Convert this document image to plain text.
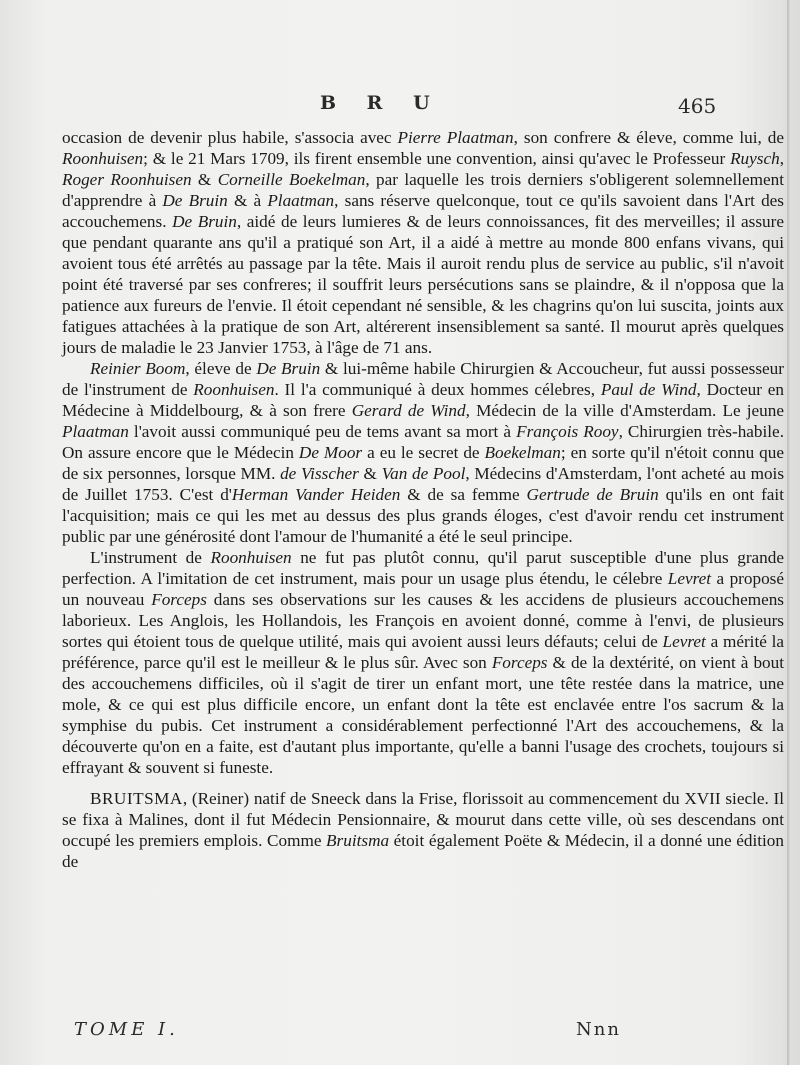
B R U	465

occasion de devenir plus habile, s'associa avec Pierre Plaatman, son confrere & éleve, comme lui, de Roonhuisen; & le 21 Mars 1709, ils firent ensemble une convention, ainsi qu'avec le Professeur Ruysch, Roger Roonhuisen & Corneille Boekelman, par laquelle les trois derniers s'obligerent solemnellement d'apprendre à De Bruin & à Plaatman, sans réserve quelconque, tout ce qu'ils savoient dans l'Art des accouchemens. De Bruin, aidé de leurs lumieres & de leurs connoissances, fit des merveilles; il assure que pendant quarante ans qu'il a pratiqué son Art, il a aidé à mettre au monde 800 enfans vivans, qui avoient tous été arrêtés au passage par la tête. Mais il auroit rendu plus de service au public, s'il n'avoit point été traversé par ses confreres; il souffrit leurs persécutions sans se plaindre, & il n'opposa que la patience aux fureurs de l'envie. Il étoit cependant né sensible, & les chagrins qu'on lui suscita, joints aux fatigues attachées à la pratique de son Art, altérerent insensiblement sa santé. Il mourut après quelques jours de maladie le 23 Janvier 1753, à l'âge de 71 ans.

Reinier Boom, éleve de De Bruin & lui-même habile Chirurgien & Accoucheur, fut aussi possesseur de l'instrument de Roonhuisen. Il l'a communiqué à deux hommes célebres, Paul de Wind, Docteur en Médecine à Middelbourg, & à son frere Gerard de Wind, Médecin de la ville d'Amsterdam. Le jeune Plaatman l'avoit aussi communiqué peu de tems avant sa mort à François Rooy, Chirurgien très-habile. On assure encore que le Médecin De Moor a eu le secret de Boekelman; en sorte qu'il n'étoit connu que de six personnes, lorsque MM. de Visscher & Van de Pool, Médecins d'Amsterdam, l'ont acheté au mois de Juillet 1753. C'est d'Herman Vander Heiden & de sa femme Gertrude de Bruin qu'ils en ont fait l'acquisition; mais ce qui les met au dessus des plus grands éloges, c'est d'avoir rendu cet instrument public par une générosité dont l'amour de l'humanité a été le seul principe.

L'instrument de Roonhuisen ne fut pas plutôt connu, qu'il parut susceptible d'une plus grande perfection. A l'imitation de cet instrument, mais pour un usage plus étendu, le célebre Levret a proposé un nouveau Forceps dans ses observations sur les causes & les accidens de plusieurs accouchemens laborieux. Les Anglois, les Hollandois, les François en avoient donné, comme à l'envi, de plusieurs sortes qui étoient tous de quelque utilité, mais qui avoient aussi leurs défauts; celui de Levret a mérité la préférence, parce qu'il est le meilleur & le plus sûr. Avec son Forceps & de la dextérité, on vient à bout des accouchemens difficiles, où il s'agit de tirer un enfant mort, une tête restée dans la matrice, une mole, & ce qui est plus difficile encore, un enfant dont la tête est enclavée entre l'os sacrum & la symphise du pubis. Cet instrument a considérablement perfectionné l'Art des accouchemens, & la découverte qu'on en a faite, est d'autant plus importante, qu'elle a banni l'usage des crochets, toujours si effrayant & souvent si funeste.

BRUITSMA, (Reiner) natif de Sneeck dans la Frise, florissoit au commencement du XVII siecle. Il se fixa à Malines, dont il fut Médecin Pensionnaire, & mourut dans cette ville, où ses descendans ont occupé les premiers emplois. Comme Bruitsma étoit également Poëte & Médecin, il a donné une édition de

TOME I.	Nnn
